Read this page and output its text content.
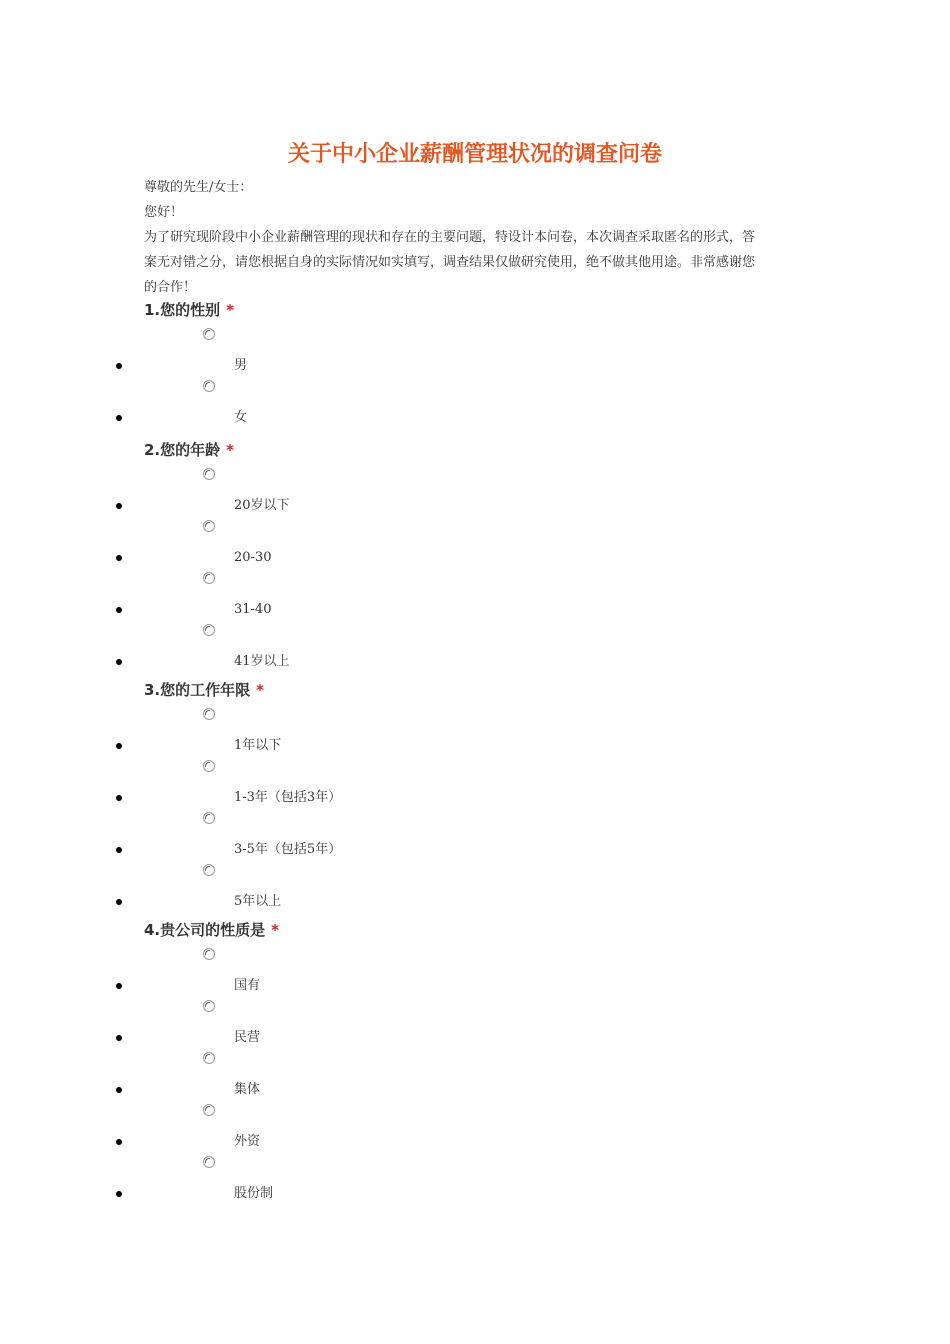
关于中小企业薪酬管理状况的调查问卷

尊敬的先生/女士：

您好！

为了研究现阶段中小企业薪酬管理的现状和存在的主要问题，特设计本问卷，本次调查采取匿名的形式，答

案无对错之分，请您根据自身的实际情况如实填写，调查结果仅做研究使用，绝不做其他用途。非常感谢您

的合作！

1.您的性别 *
男
女
2.您的年龄 *
20岁以下
20-30
31-40
41岁以上
3.您的工作年限 *
1年以下
1-3年（包括3年）
3-5年（包括5年）
5年以上
4.贵公司的性质是 *
国有
民营
集体
外资
股份制
